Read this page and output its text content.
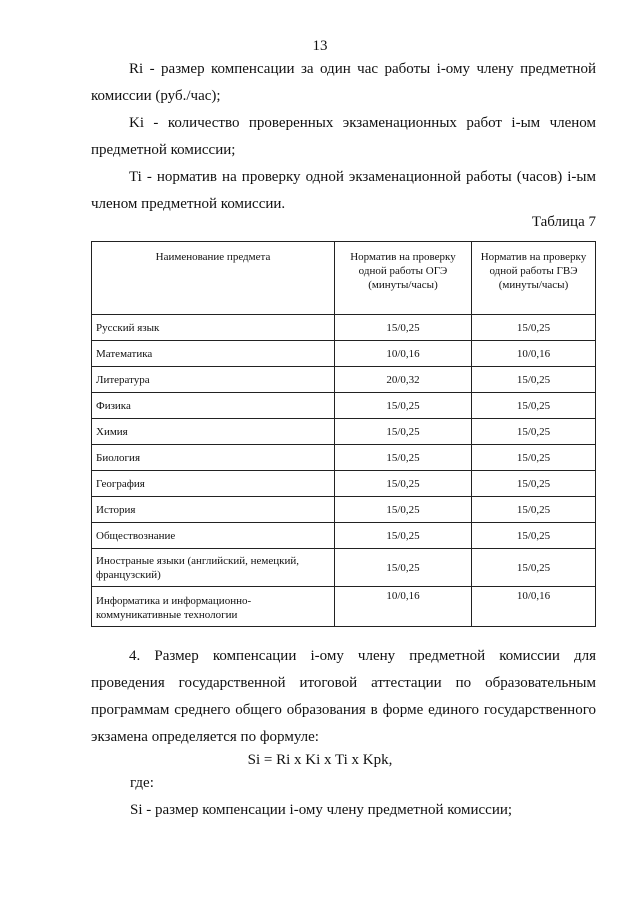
13

Ri - размер компенсации за один час работы i-ому члену предметной комиссии (руб./час);

Ki - количество проверенных экзаменационных работ i-ым членом предметной комиссии;

Ti - норматив на проверку одной экзаменационной работы (часов) i-ым членом предметной комиссии.

Таблица 7
Наименование предмета	Норматив на проверку одной работы ОГЭ (минуты/часы)	Норматив на проверку одной работы ГВЭ (минуты/часы)
Русский язык	15/0,25	15/0,25
Математика	10/0,16	10/0,16
Литература	20/0,32	15/0,25
Физика	15/0,25	15/0,25
Химия	15/0,25	15/0,25
Биология	15/0,25	15/0,25
География	15/0,25	15/0,25
История	15/0,25	15/0,25
Обществознание	15/0,25	15/0,25
Иностраные языки (английский, немецкий, французский)	15/0,25	15/0,25
Информатика и информационно-коммуникативные технологии	10/0,16	10/0,16

4. Размер компенсации i-ому члену предметной комиссии для проведения государственной итоговой аттестации по образовательным программам среднего общего образования в форме единого государственного экзамена определяется по формуле:

Si = Ri x Ki x Ti x Kpk,
где:
Si - размер компенсации i-ому члену предметной комиссии;
